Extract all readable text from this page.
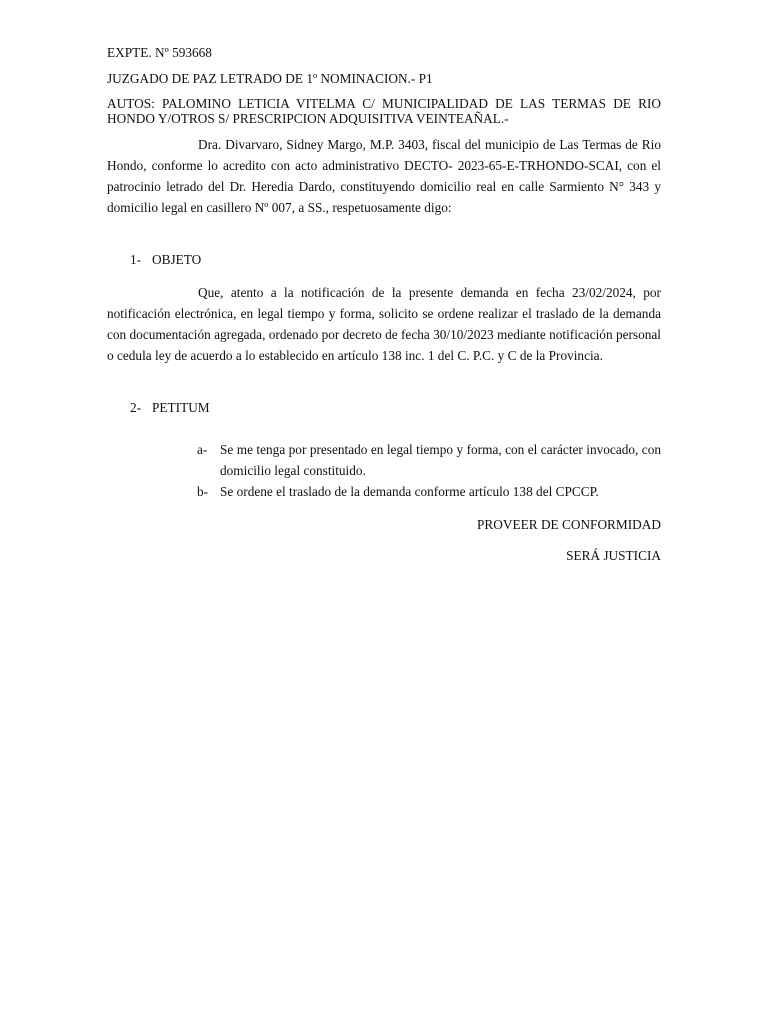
EXPTE. Nº 593668
JUZGADO DE PAZ LETRADO DE 1º NOMINACION.- P1
AUTOS: PALOMINO LETICIA VITELMA C/ MUNICIPALIDAD DE LAS TERMAS DE RIO HONDO Y/OTROS S/ PRESCRIPCION ADQUISITIVA VEINTEAÑAL.-
Dra. Divarvaro, Sidney Margo, M.P. 3403, fiscal del municipio de Las Termas de Rio Hondo, conforme lo acredito con acto administrativo DECTO- 2023-65-E-TRHONDO-SCAI, con el patrocinio letrado del Dr. Heredia Dardo, constituyendo domicilio real en calle Sarmiento N° 343 y domicilio legal en casillero Nº 007, a SS., respetuosamente digo:
1- OBJETO
Que, atento a la notificación de la presente demanda en fecha 23/02/2024, por notificación electrónica, en legal tiempo y forma, solicito se ordene realizar el traslado de la demanda con documentación agregada, ordenado por decreto de fecha 30/10/2023 mediante notificación personal o cedula ley de acuerdo a lo establecido en artículo 138 inc. 1 del C. P.C. y C de la Provincia.
2- PETITUM
a- Se me tenga por presentado en legal tiempo y forma, con el carácter invocado, con domicilio legal constituido.
b- Se ordene el traslado de la demanda conforme artículo 138 del CPCCP.
PROVEER DE CONFORMIDAD
SERÁ JUSTICIA
